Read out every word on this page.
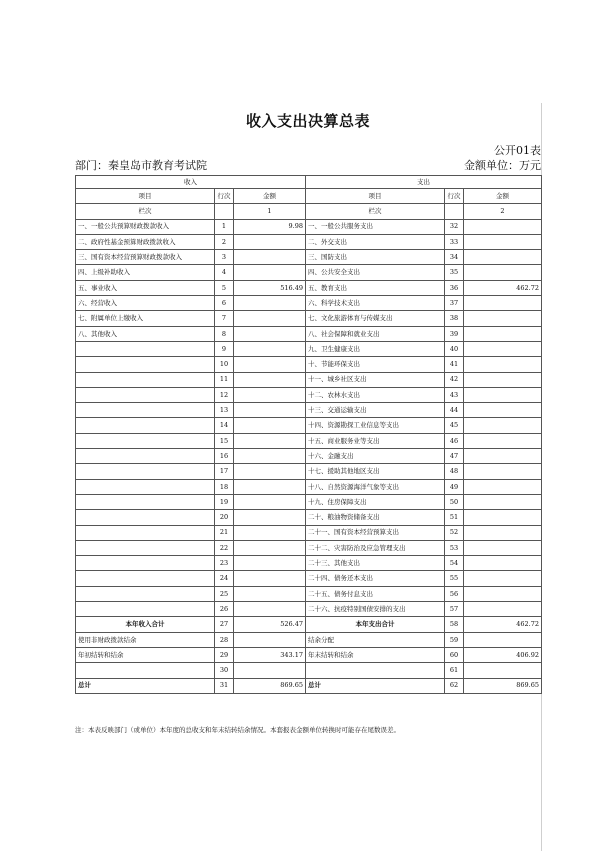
收入支出决算总表
公开01表
部门：秦皇岛市教育考试院	金额单位：万元
收入			支出		
项目	行次	金额	项目	行次	金额
栏次		1	栏次		2
一、一般公共预算财政拨款收入	1	9.98	一、一般公共服务支出	32	
二、政府性基金预算财政拨款收入	2		二、外交支出	33	
三、国有资本经营预算财政拨款收入	3		三、国防支出	34	
四、上级补助收入	4		四、公共安全支出	35	
五、事业收入	5	516.49	五、教育支出	36	462.72
六、经营收入	6		六、科学技术支出	37	
七、附属单位上缴收入	7		七、文化旅游体育与传媒支出	38	
八、其他收入	8		八、社会保障和就业支出	39	
	9		九、卫生健康支出	40	
	10		十、节能环保支出	41	
	11		十一、城乡社区支出	42	
	12		十二、农林水支出	43	
	13		十三、交通运输支出	44	
	14		十四、资源勘探工业信息等支出	45	
	15		十五、商业服务业等支出	46	
	16		十六、金融支出	47	
	17		十七、援助其他地区支出	48	
	18		十八、自然资源海洋气象等支出	49	
	19		十九、住房保障支出	50	
	20		二十、粮油物资储备支出	51	
	21		二十一、国有资本经营预算支出	52	
	22		二十二、灾害防治及应急管理支出	53	
	23		二十三、其他支出	54	
	24		二十四、债务还本支出	55	
	25		二十五、债务付息支出	56	
	26		二十六、抗疫特别国债安排的支出	57	
本年收入合计	27	526.47	本年支出合计	58	462.72
使用非财政拨款结余	28		结余分配	59	
年初结转和结余	29	343.17	年末结转和结余	60	406.92
	30			61	
总计	31	869.65	总计	62	869.65
注：本表反映部门（或单位）本年度的总收支和年末结转结余情况。本套报表金额单位转换时可能存在尾数误差。
